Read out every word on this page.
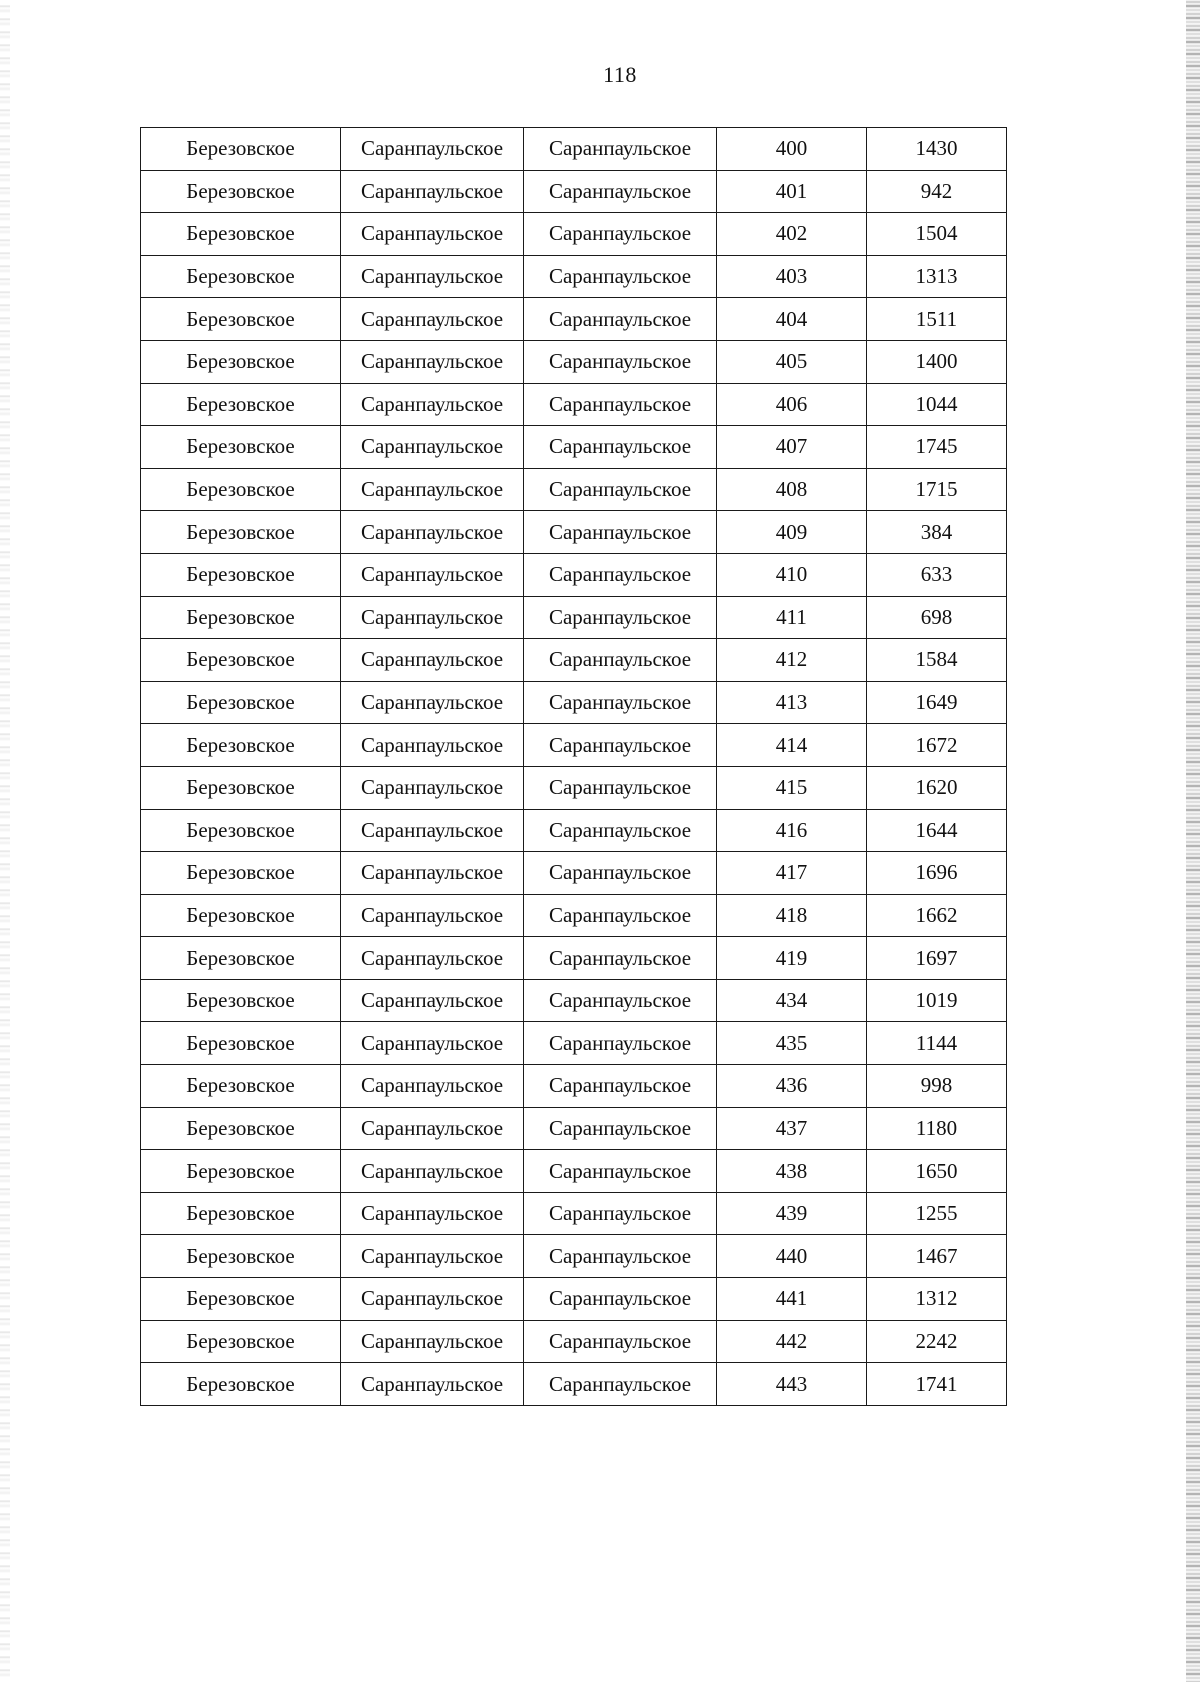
118
Березовское	Саранпаульское	Саранпаульское	400	1430
Березовское	Саранпаульское	Саранпаульское	401	942
Березовское	Саранпаульское	Саранпаульское	402	1504
Березовское	Саранпаульское	Саранпаульское	403	1313
Березовское	Саранпаульское	Саранпаульское	404	1511
Березовское	Саранпаульское	Саранпаульское	405	1400
Березовское	Саранпаульское	Саранпаульское	406	1044
Березовское	Саранпаульское	Саранпаульское	407	1745
Березовское	Саранпаульское	Саранпаульское	408	1715
Березовское	Саранпаульское	Саранпаульское	409	384
Березовское	Саранпаульское	Саранпаульское	410	633
Березовское	Саранпаульское	Саранпаульское	411	698
Березовское	Саранпаульское	Саранпаульское	412	1584
Березовское	Саранпаульское	Саранпаульское	413	1649
Березовское	Саранпаульское	Саранпаульское	414	1672
Березовское	Саранпаульское	Саранпаульское	415	1620
Березовское	Саранпаульское	Саранпаульское	416	1644
Березовское	Саранпаульское	Саранпаульское	417	1696
Березовское	Саранпаульское	Саранпаульское	418	1662
Березовское	Саранпаульское	Саранпаульское	419	1697
Березовское	Саранпаульское	Саранпаульское	434	1019
Березовское	Саранпаульское	Саранпаульское	435	1144
Березовское	Саранпаульское	Саранпаульское	436	998
Березовское	Саранпаульское	Саранпаульское	437	1180
Березовское	Саранпаульское	Саранпаульское	438	1650
Березовское	Саранпаульское	Саранпаульское	439	1255
Березовское	Саранпаульское	Саранпаульское	440	1467
Березовское	Саранпаульское	Саранпаульское	441	1312
Березовское	Саранпаульское	Саранпаульское	442	2242
Березовское	Саранпаульское	Саранпаульское	443	1741
